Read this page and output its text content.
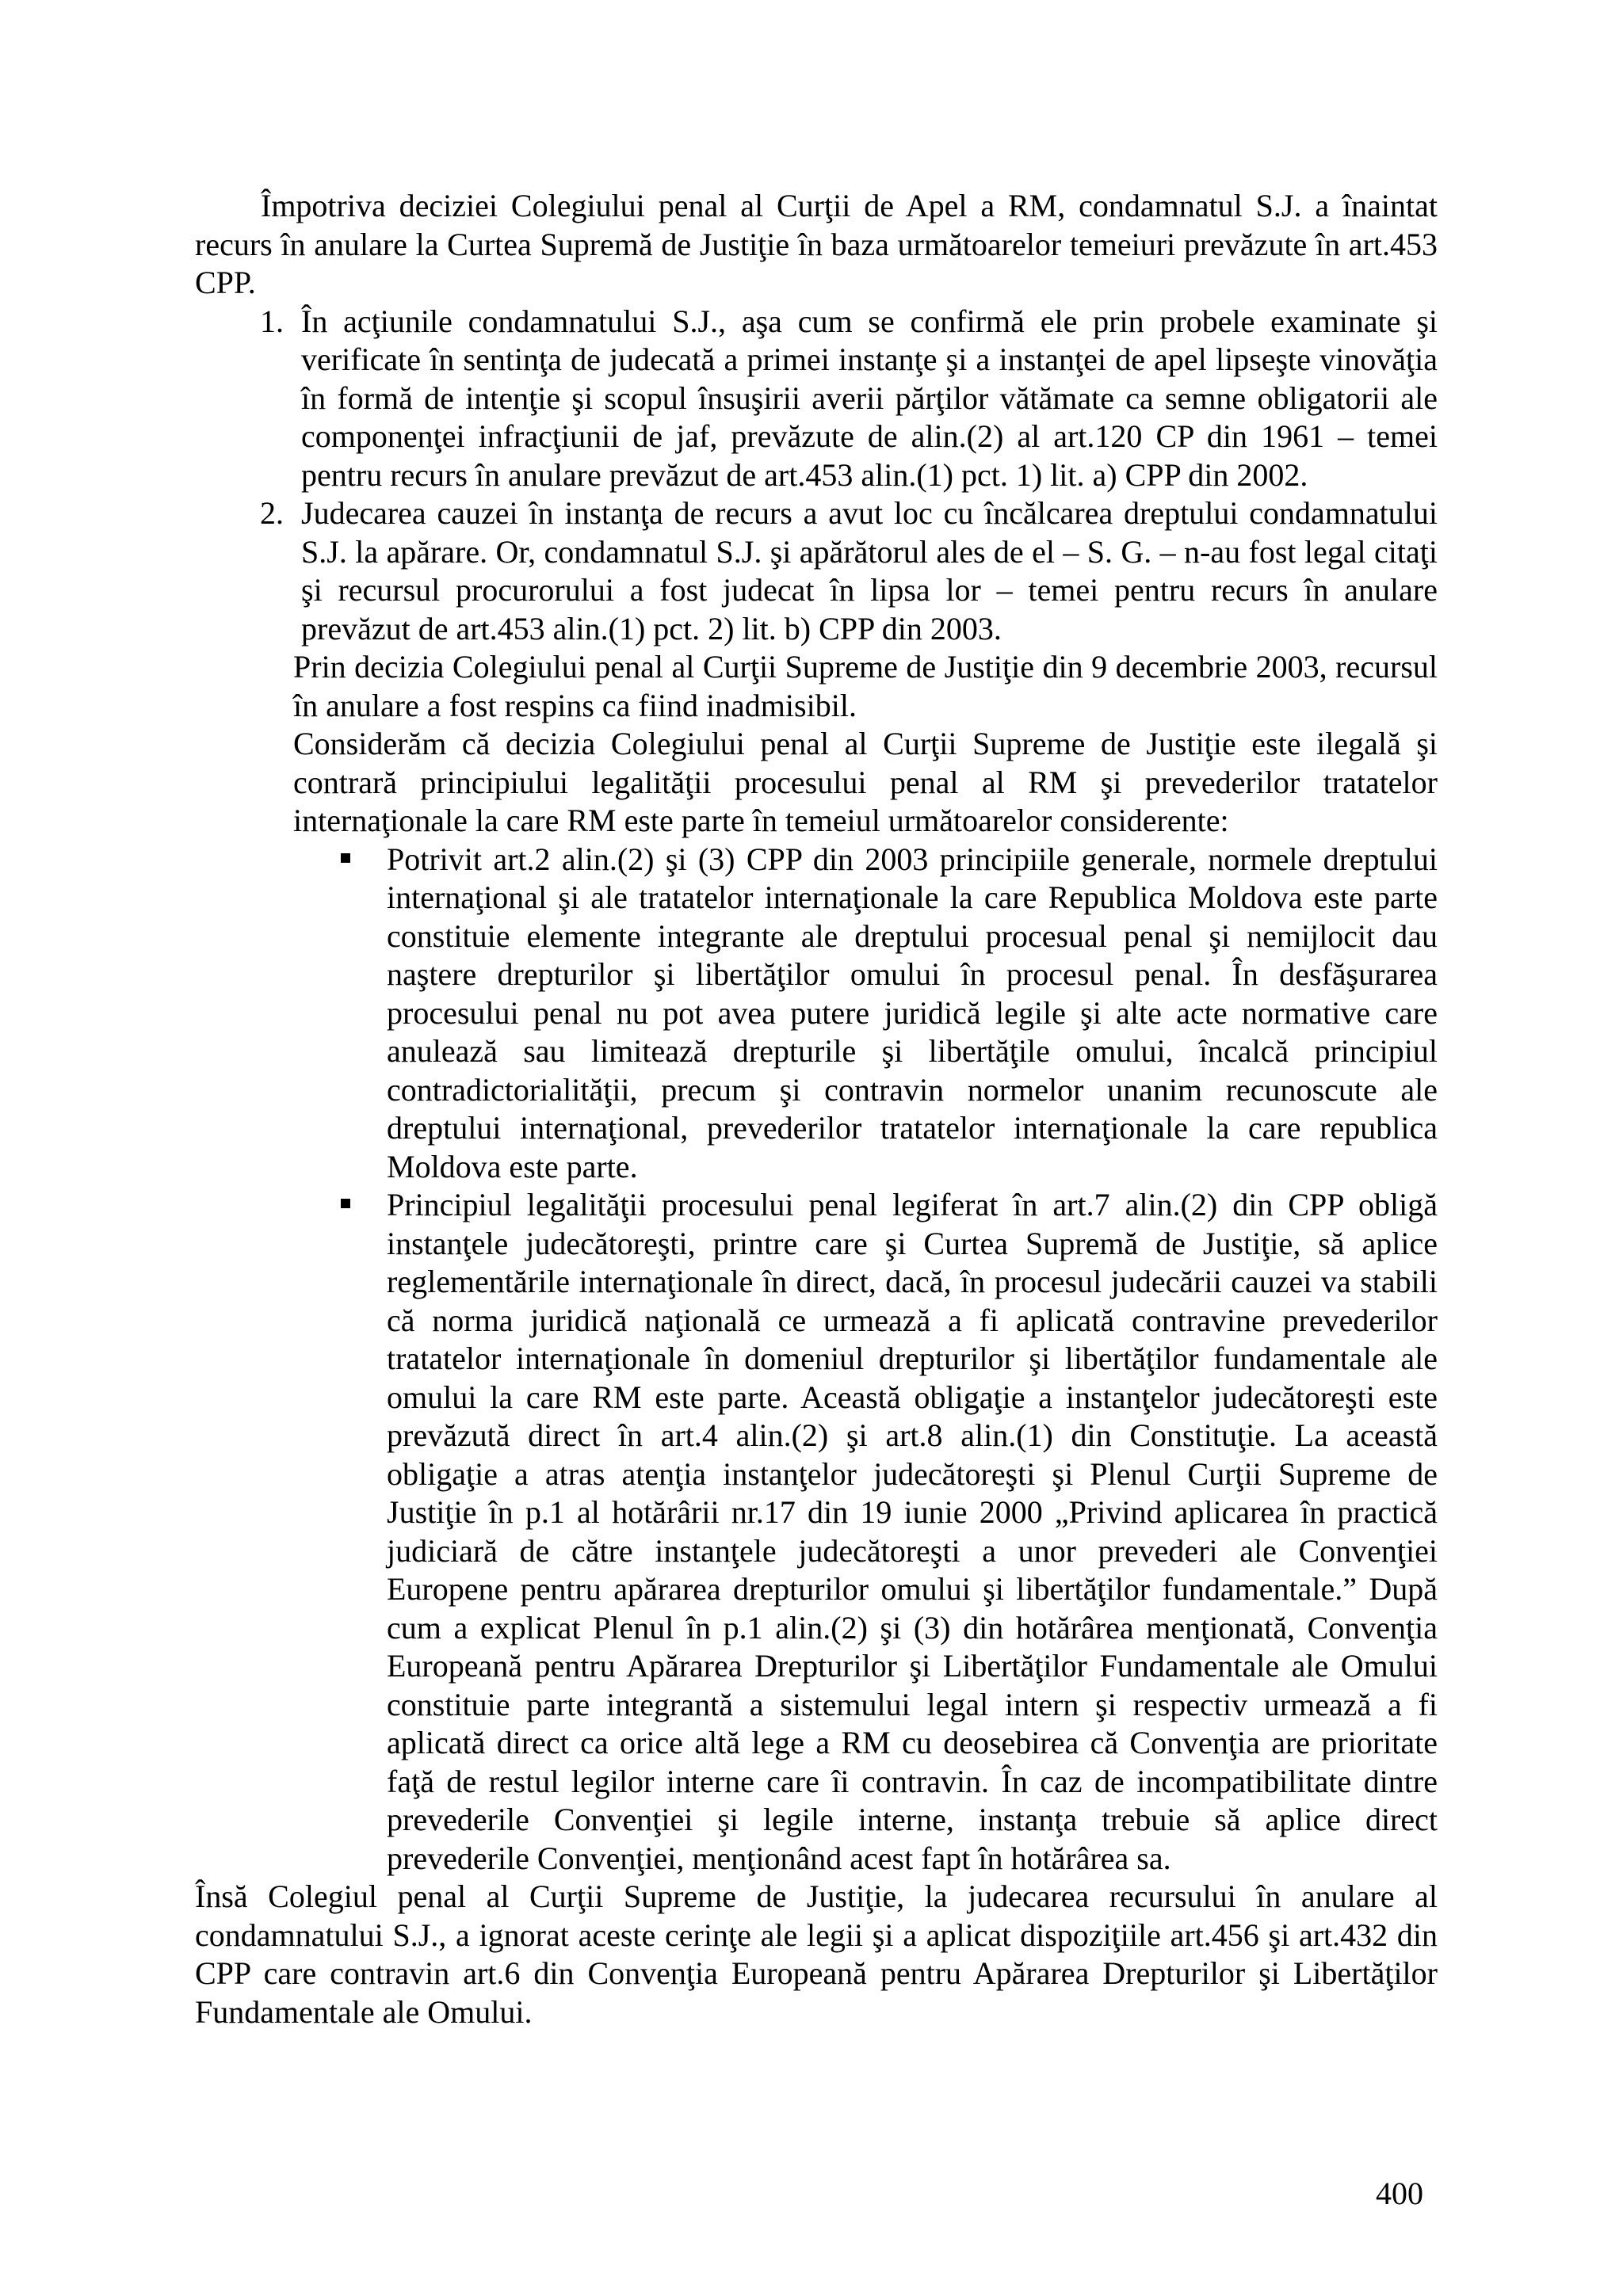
Împotriva deciziei Colegiului penal al Curţii de Apel a RM, condamnatul S.J. a înaintat recurs în anulare la Curtea Supremă de Justiţie în baza următoarelor temeiuri prevăzute în art.453 CPP.

1. În acţiunile condamnatului S.J., aşa cum se confirmă ele prin probele examinate şi verificate în sentinţa de judecată a primei instanţe şi a instanţei de apel lipseşte vinovăţia în formă de intenţie şi scopul însuşirii averii părţilor vătămate ca semne obligatorii ale componenţei infracţiunii de jaf, prevăzute de alin.(2) al art.120 CP din 1961 – temei pentru recurs în anulare prevăzut de art.453 alin.(1) pct. 1) lit. a) CPP din 2002.
2. Judecarea cauzei în instanţa de recurs a avut loc cu încălcarea dreptului condamnatului S.J. la apărare. Or, condamnatul S.J. şi apărătorul ales de el – S. G. – n-au fost legal citaţi şi recursul procurorului a fost judecat în lipsa lor – temei pentru recurs în anulare prevăzut de art.453 alin.(1) pct. 2) lit. b) CPP din 2003.

Prin decizia Colegiului penal al Curţii Supreme de Justiţie din 9 decembrie 2003, recursul în anulare a fost respins ca fiind inadmisibil.

Considerăm că decizia Colegiului penal al Curţii Supreme de Justiţie este ilegală şi contrară principiului legalităţii procesului penal al RM şi prevederilor tratatelor internaţionale la care RM este parte în temeiul următoarelor considerente:

Potrivit art.2 alin.(2) şi (3) CPP din 2003 principiile generale, normele dreptului internaţional şi ale tratatelor internaţionale la care Republica Moldova este parte constituie elemente integrante ale dreptului procesual penal şi nemijlocit dau naştere drepturilor şi libertăţilor omului în procesul penal. În desfăşurarea procesului penal nu pot avea putere juridică legile şi alte acte normative care anulează sau limitează drepturile şi libertăţile omului, încalcă principiul contradictorialităţii, precum şi contravin normelor unanim recunoscute ale dreptului internaţional, prevederilor tratatelor internaţionale la care republica Moldova este parte.
Principiul legalităţii procesului penal legiferat în art.7 alin.(2) din CPP obligă instanţele judecătoreşti, printre care şi Curtea Supremă de Justiţie, să aplice reglementările internaţionale în direct, dacă, în procesul judecării cauzei va stabili că norma juridică naţională ce urmează a fi aplicată contravine prevederilor tratatelor internaţionale în domeniul drepturilor şi libertăţilor fundamentale ale omului la care RM este parte. Această obligaţie a instanţelor judecătoreşti este prevăzută direct în art.4 alin.(2) şi art.8 alin.(1) din Constituţie. La această obligaţie a atras atenţia instanţelor judecătoreşti şi Plenul Curţii Supreme de Justiţie în p.1 al hotărârii nr.17 din 19 iunie 2000 „Privind aplicarea în practică judiciară de către instanţele judecătoreşti a unor prevederi ale Convenţiei Europene pentru apărarea drepturilor omului şi libertăţilor fundamentale.” După cum a explicat Plenul în p.1 alin.(2) şi (3) din hotărârea menţionată, Convenţia Europeană pentru Apărarea Drepturilor şi Libertăţilor Fundamentale ale Omului constituie parte integrantă a sistemului legal intern şi respectiv urmează a fi aplicată direct ca orice altă lege a RM cu deosebirea că Convenţia are prioritate faţă de restul legilor interne care îi contravin. În caz de incompatibilitate dintre prevederile Convenţiei şi legile interne, instanţa trebuie să aplice direct prevederile Convenţiei, menţionând acest fapt în hotărârea sa.

Însă Colegiul penal al Curţii Supreme de Justiţie, la judecarea recursului în anulare al condamnatului S.J., a ignorat aceste cerinţe ale legii şi a aplicat dispoziţiile art.456 şi art.432 din CPP care contravin art.6 din Convenţia Europeană pentru Apărarea Drepturilor şi Libertăţilor Fundamentale ale Omului.

400
